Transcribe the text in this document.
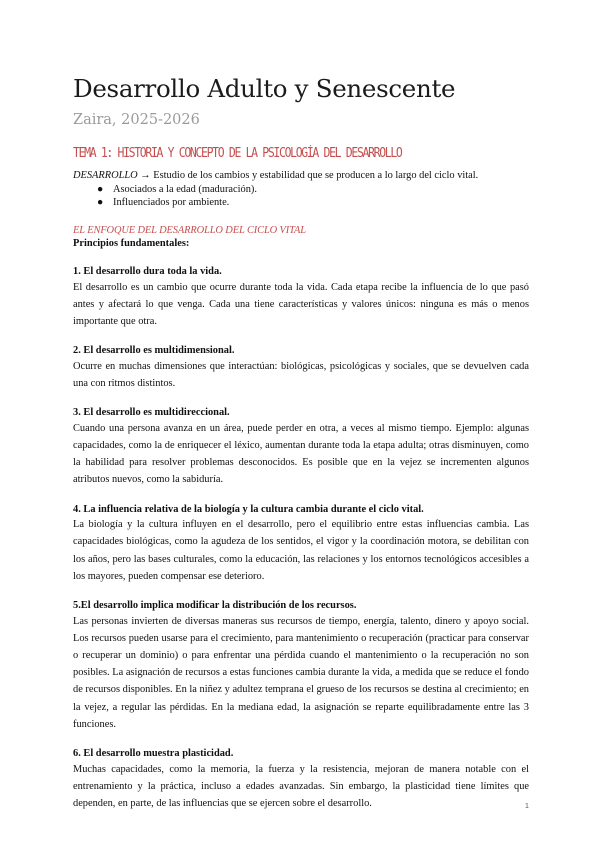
Desarrollo Adulto y Senescente
Zaira, 2025-2026
TEMA 1: HISTORIA Y CONCEPTO DE LA PSICOLOGÍA DEL DESARROLLO
DESARROLLO → Estudio de los cambios y estabilidad que se producen a lo largo del ciclo vital.
● Asociados a la edad (maduración).
● Influenciados por ambiente.
EL ENFOQUE DEL DESARROLLO DEL CICLO VITAL
Principios fundamentales:
1. El desarrollo dura toda la vida.

El desarrollo es un cambio que ocurre durante toda la vida. Cada etapa recibe la influencia de lo que pasó antes y afectará lo que venga. Cada una tiene características y valores únicos: ninguna es más o menos importante que otra.

2. El desarrollo es multidimensional.

Ocurre en muchas dimensiones que interactúan: biológicas, psicológicas y sociales, que se devuelven cada una con ritmos distintos.

3. El desarrollo es multidireccional.

Cuando una persona avanza en un área, puede perder en otra, a veces al mismo tiempo. Ejemplo: algunas capacidades, como la de enriquecer el léxico, aumentan durante toda la etapa adulta; otras disminuyen, como la habilidad para resolver problemas desconocidos. Es posible que en la vejez se incrementen algunos atributos nuevos, como la sabiduría.

4. La influencia relativa de la biología y la cultura cambia durante el ciclo vital.

La biología y la cultura influyen en el desarrollo, pero el equilibrio entre estas influencias cambia. Las capacidades biológicas, como la agudeza de los sentidos, el vigor y la coordinación motora, se debilitan con los años, pero las bases culturales, como la educación, las relaciones y los entornos tecnológicos accesibles a los mayores, pueden compensar ese deterioro.

5.El desarrollo implica modificar la distribución de los recursos.

Las personas invierten de diversas maneras sus recursos de tiempo, energía, talento, dinero y apoyo social. Los recursos pueden usarse para el crecimiento, para mantenimiento o recuperación (practicar para conservar o recuperar un dominio) o para enfrentar una pérdida cuando el mantenimiento o la recuperación no son posibles. La asignación de recursos a estas funciones cambia durante la vida, a medida que se reduce el fondo de recursos disponibles. En la niñez y adultez temprana el grueso de los recursos se destina al crecimiento; en la vejez, a regular las pérdidas. En la mediana edad, la asignación se reparte equilibradamente entre las 3 funciones.

6. El desarrollo muestra plasticidad.

Muchas capacidades, como la memoria, la fuerza y la resistencia, mejoran de manera notable con el entrenamiento y la práctica, incluso a edades avanzadas. Sin embargo, la plasticidad tiene límites que dependen, en parte, de las influencias que se ejercen sobre el desarrollo.	1
